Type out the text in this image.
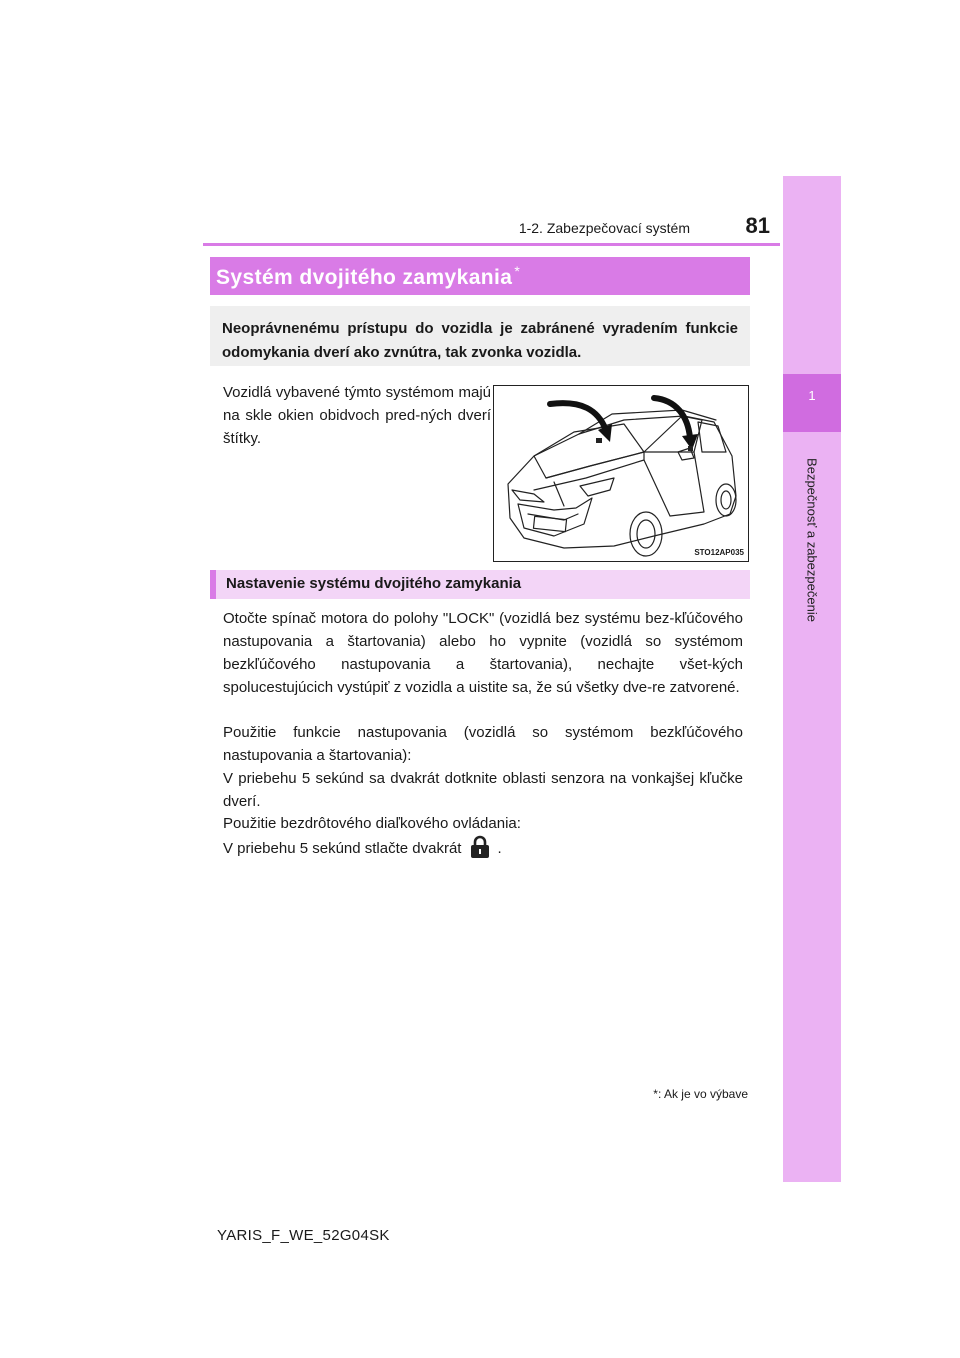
1-2. Zabezpečovací systém	81
1
Bezpečnosť a zabezpečenie
Systém dvojitého zamykania *
Neoprávnenému prístupu do vozidla je zabránené vyradením funkcie odomykania dverí ako zvnútra, tak zvonka vozidla.
Vozidlá vybavené týmto systémom majú na skle okien obidvoch pred-ných dverí štítky.
STO12AP035
Nastavenie systému dvojitého zamykania
Otočte spínač motora do polohy "LOCK" (vozidlá bez systému bez-kľúčového nastupovania a štartovania) alebo ho vypnite (vozidlá so systémom bezkľúčového nastupovania a štartovania), nechajte všet-kých spolucestujúcich vystúpiť z vozidla a uistite sa, že sú všetky dve-re zatvorené.
Použitie funkcie nastupovania (vozidlá so systémom bezkľúčového nastupovania a štartovania):
V priebehu 5 sekúnd sa dvakrát dotknite oblasti senzora na vonkajšej kľučke dverí.
Použitie bezdrôtového diaľkového ovládania:
V priebehu 5 sekúnd stlačte dvakrát .
*: Ak je vo výbave
YARIS_F_WE_52G04SK
